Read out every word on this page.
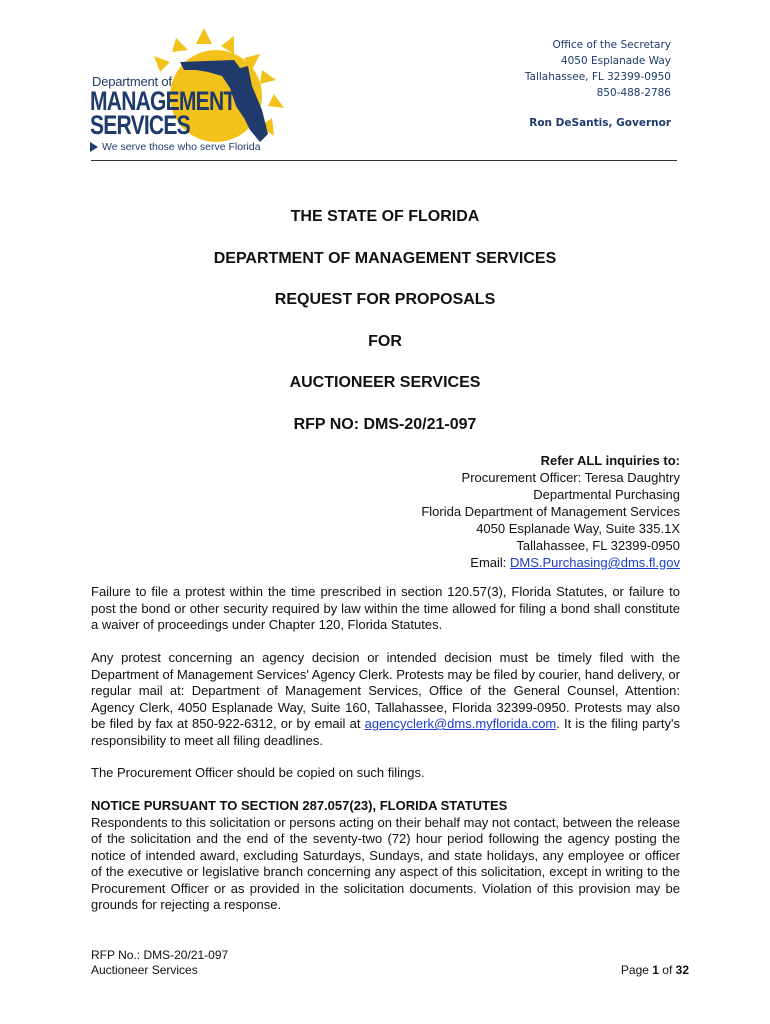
Department of
MANAGEMENT
SERVICES
We serve those who serve Florida
Office of the Secretary
4050 Esplanade Way
Tallahassee, FL 32399-0950
850-488-2786
Ron DeSantis, Governor
THE STATE OF FLORIDA
DEPARTMENT OF MANAGEMENT SERVICES
REQUEST FOR PROPOSALS
FOR
AUCTIONEER SERVICES
RFP NO: DMS-20/21-097
Refer ALL inquiries to:
Procurement Officer: Teresa Daughtry
Departmental Purchasing
Florida Department of Management Services
4050 Esplanade Way, Suite 335.1X
Tallahassee, FL 32399-0950
Email: DMS.Purchasing@dms.fl.gov
Failure to file a protest within the time prescribed in section 120.57(3), Florida Statutes, or failure to post the bond or other security required by law within the time allowed for filing a bond shall constitute a waiver of proceedings under Chapter 120, Florida Statutes.
Any protest concerning an agency decision or intended decision must be timely filed with the Department of Management Services' Agency Clerk. Protests may be filed by courier, hand delivery, or regular mail at: Department of Management Services, Office of the General Counsel, Attention: Agency Clerk, 4050 Esplanade Way, Suite 160, Tallahassee, Florida 32399-0950. Protests may also be filed by fax at 850-922-6312, or by email at agencyclerk@dms.myflorida.com. It is the filing party's responsibility to meet all filing deadlines.
The Procurement Officer should be copied on such filings.
NOTICE PURSUANT TO SECTION 287.057(23), FLORIDA STATUTES
Respondents to this solicitation or persons acting on their behalf may not contact, between the release of the solicitation and the end of the seventy-two (72) hour period following the agency posting the notice of intended award, excluding Saturdays, Sundays, and state holidays, any employee or officer of the executive or legislative branch concerning any aspect of this solicitation, except in writing to the Procurement Officer or as provided in the solicitation documents. Violation of this provision may be grounds for rejecting a response.
RFP No.: DMS-20/21-097
Auctioneer Services	Page 1 of 32
